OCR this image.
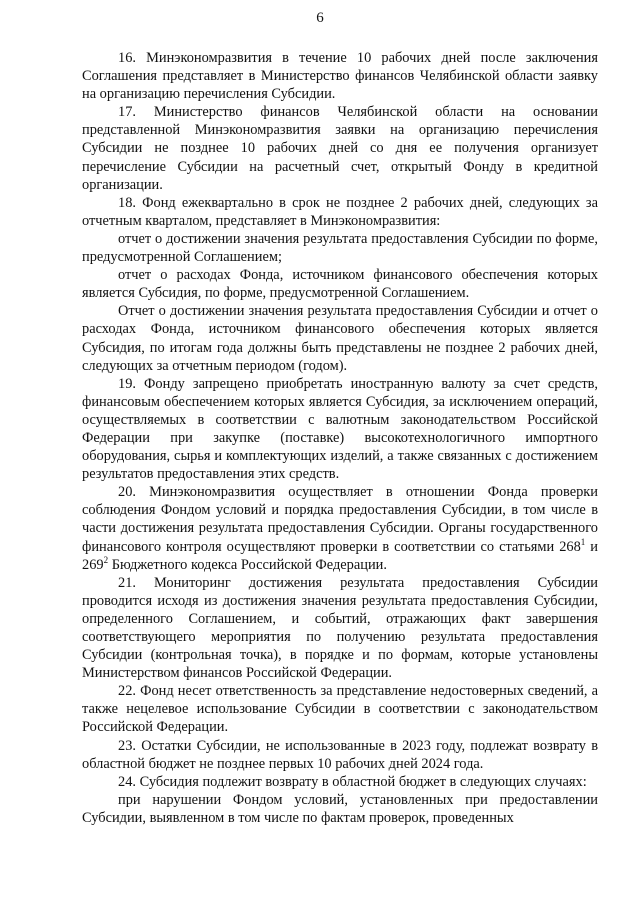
6

16. Минэкономразвития в течение 10 рабочих дней после заключения Соглашения представляет в Министерство финансов Челябинской области заявку на организацию перечисления Субсидии.

17. Министерство финансов Челябинской области на основании представленной Минэкономразвития заявки на организацию перечисления Субсидии не позднее 10 рабочих дней со дня ее получения организует перечисление Субсидии на расчетный счет, открытый Фонду в кредитной организации.

18. Фонд ежеквартально в срок не позднее 2 рабочих дней, следующих за отчетным кварталом, представляет в Минэкономразвития:

отчет о достижении значения результата предоставления Субсидии по форме, предусмотренной Соглашением;

отчет о расходах Фонда, источником финансового обеспечения которых является Субсидия, по форме, предусмотренной Соглашением.

Отчет о достижении значения результата предоставления Субсидии и отчет о расходах Фонда, источником финансового обеспечения которых является Субсидия, по итогам года должны быть представлены не позднее 2 рабочих дней, следующих за отчетным периодом (годом).

19. Фонду запрещено приобретать иностранную валюту за счет средств, финансовым обеспечением которых является Субсидия, за исключением операций, осуществляемых в соответствии с валютным законодательством Российской Федерации при закупке (поставке) высокотехнологичного импортного оборудования, сырья и комплектующих изделий, а также связанных с достижением результатов предоставления этих средств.

20. Минэкономразвития осуществляет в отношении Фонда проверки соблюдения Фондом условий и порядка предоставления Субсидии, в том числе в части достижения результата предоставления Субсидии. Органы государственного финансового контроля осуществляют проверки в соответствии со статьями $268^1$ и $269^2$ Бюджетного кодекса Российской Федерации.

21. Мониторинг достижения результата предоставления Субсидии проводится исходя из достижения значения результата предоставления Субсидии, определенного Соглашением, и событий, отражающих факт завершения соответствующего мероприятия по получению результата предоставления Субсидии (контрольная точка), в порядке и по формам, которые установлены Министерством финансов Российской Федерации.

22. Фонд несет ответственность за представление недостоверных сведений, а также нецелевое использование Субсидии в соответствии с законодательством Российской Федерации.

23. Остатки Субсидии, не использованные в 2023 году, подлежат возврату в областной бюджет не позднее первых 10 рабочих дней 2024 года.

24. Субсидия подлежит возврату в областной бюджет в следующих случаях:

при нарушении Фондом условий, установленных при предоставлении Субсидии, выявленном в том числе по фактам проверок, проведенных
